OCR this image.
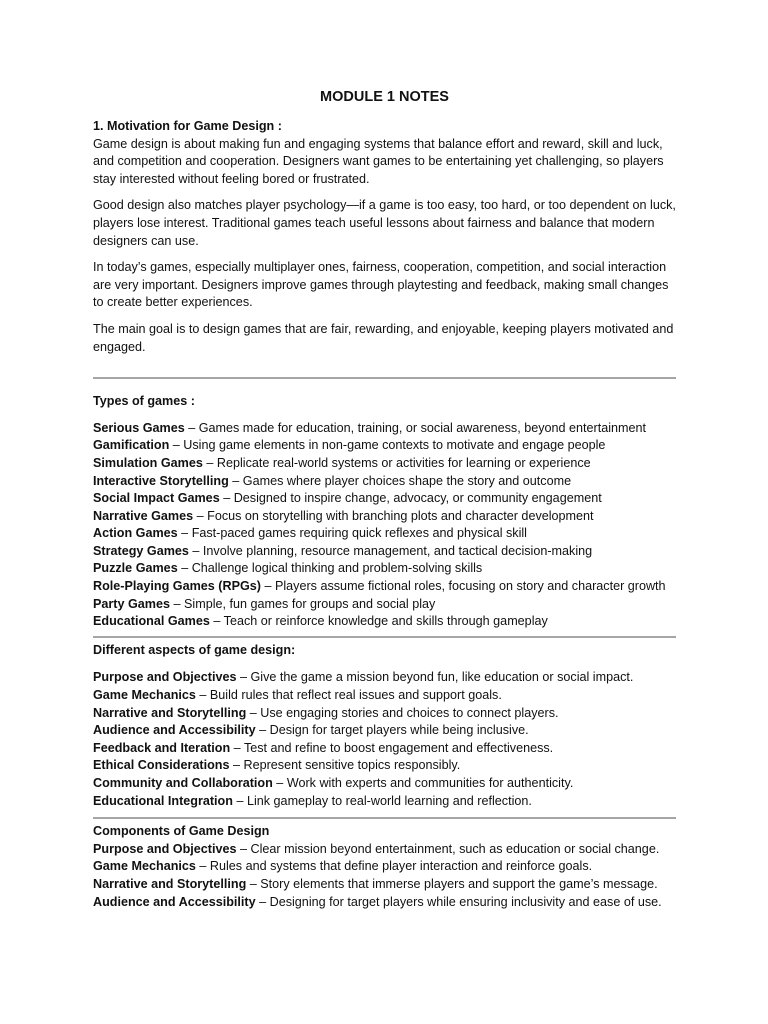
MODULE 1 NOTES
1. Motivation for Game Design :

Game design is about making fun and engaging systems that balance effort and reward, skill and luck, and competition and cooperation. Designers want games to be entertaining yet challenging, so players stay interested without feeling bored or frustrated.

Good design also matches player psychology—if a game is too easy, too hard, or too dependent on luck, players lose interest. Traditional games teach useful lessons about fairness and balance that modern designers can use.

In today’s games, especially multiplayer ones, fairness, cooperation, competition, and social interaction are very important. Designers improve games through playtesting and feedback, making small changes to create better experiences.

The main goal is to design games that are fair, rewarding, and enjoyable, keeping players motivated and engaged.

Types of games :
Serious Games – Games made for education, training, or social awareness, beyond entertainment
Gamification – Using game elements in non-game contexts to motivate and engage people
Simulation Games – Replicate real-world systems or activities for learning or experience
Interactive Storytelling – Games where player choices shape the story and outcome
Social Impact Games – Designed to inspire change, advocacy, or community engagement
Narrative Games – Focus on storytelling with branching plots and character development
Action Games – Fast-paced games requiring quick reflexes and physical skill
Strategy Games – Involve planning, resource management, and tactical decision-making
Puzzle Games – Challenge logical thinking and problem-solving skills
Role-Playing Games (RPGs) – Players assume fictional roles, focusing on story and character growth
Party Games – Simple, fun games for groups and social play
Educational Games – Teach or reinforce knowledge and skills through gameplay
Different aspects of game design:
Purpose and Objectives – Give the game a mission beyond fun, like education or social impact.
Game Mechanics – Build rules that reflect real issues and support goals.
Narrative and Storytelling – Use engaging stories and choices to connect players.
Audience and Accessibility – Design for target players while being inclusive.
Feedback and Iteration – Test and refine to boost engagement and effectiveness.
Ethical Considerations – Represent sensitive topics responsibly.
Community and Collaboration – Work with experts and communities for authenticity.
Educational Integration – Link gameplay to real-world learning and reflection.
Components of Game Design
Purpose and Objectives – Clear mission beyond entertainment, such as education or social change.
Game Mechanics – Rules and systems that define player interaction and reinforce goals.
Narrative and Storytelling – Story elements that immerse players and support the game’s message.
Audience and Accessibility – Designing for target players while ensuring inclusivity and ease of use.
